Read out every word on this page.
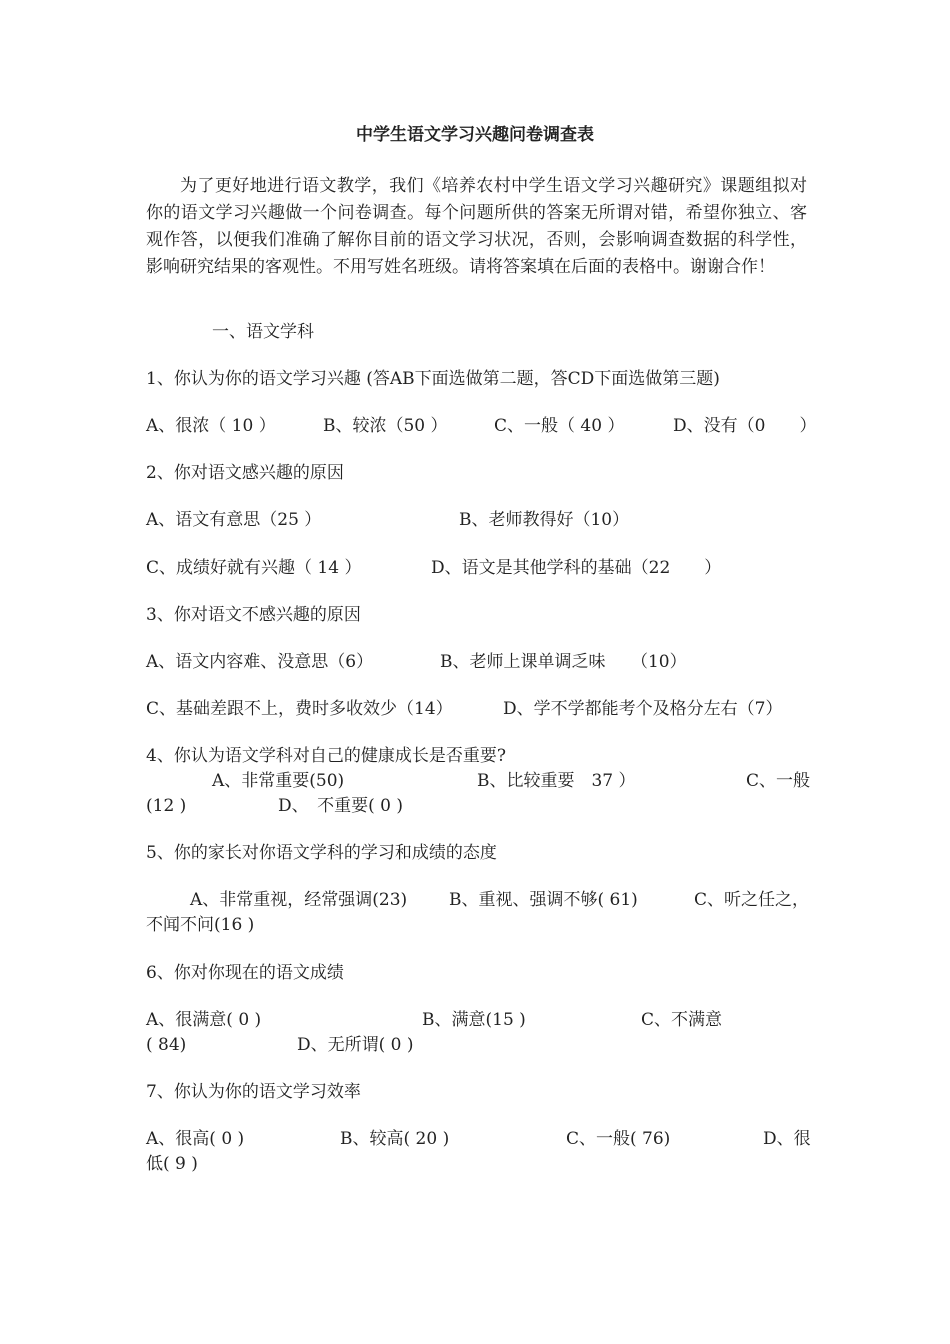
中学生语文学习兴趣问卷调查表
为了更好地进行语文教学，我们《培养农村中学生语文学习兴趣研究》课题组拟对你的语文学习兴趣做一个问卷调查。每个问题所供的答案无所谓对错，希望你独立、客观作答，以便我们准确了解你目前的语文学习状况，否则，会影响调查数据的科学性，影响研究结果的客观性。不用写姓名班级。请将答案填在后面的表格中。谢谢合作！
一、语文学科
1、你认为你的语文学习兴趣 (答AB下面选做第二题，答CD下面选做第三题)
A、很浓（ 10 ）	B、较浓（50 ）	C、一般（ 40 ）	D、没有（0　　）
2、你对语文感兴趣的原因
A、语文有意思（25 ）	B、老师教得好（10）
C、成绩好就有兴趣（ 14 ）	D、语文是其他学科的基础（22　　）
3、你对语文不感兴趣的原因
A、语文内容难、没意思（6）	B、老师上课单调乏味　　（10）
C、基础差跟不上，费时多收效少（14）	D、学不学都能考个及格分左右（7）
4、你认为语文学科对自己的健康成长是否重要?
A、非常重要(50)	B、比较重要　37 ）	C、一般
(12 )	D、　不重要( 0 )
5、你的家长对你语文学科的学习和成绩的态度
A、非常重视，经常强调(23) B、重视、强调不够( 61)	C、听之任之，
不闻不问(16 )
6、你对你现在的语文成绩
A、很满意( 0 )	B、满意(15 )	C、不满意
( 84)	D、无所谓( 0 )
7、你认为你的语文学习效率
A、很高( 0 )	B、较高( 20 )	C、一般( 76)	D、很
低( 9 )
